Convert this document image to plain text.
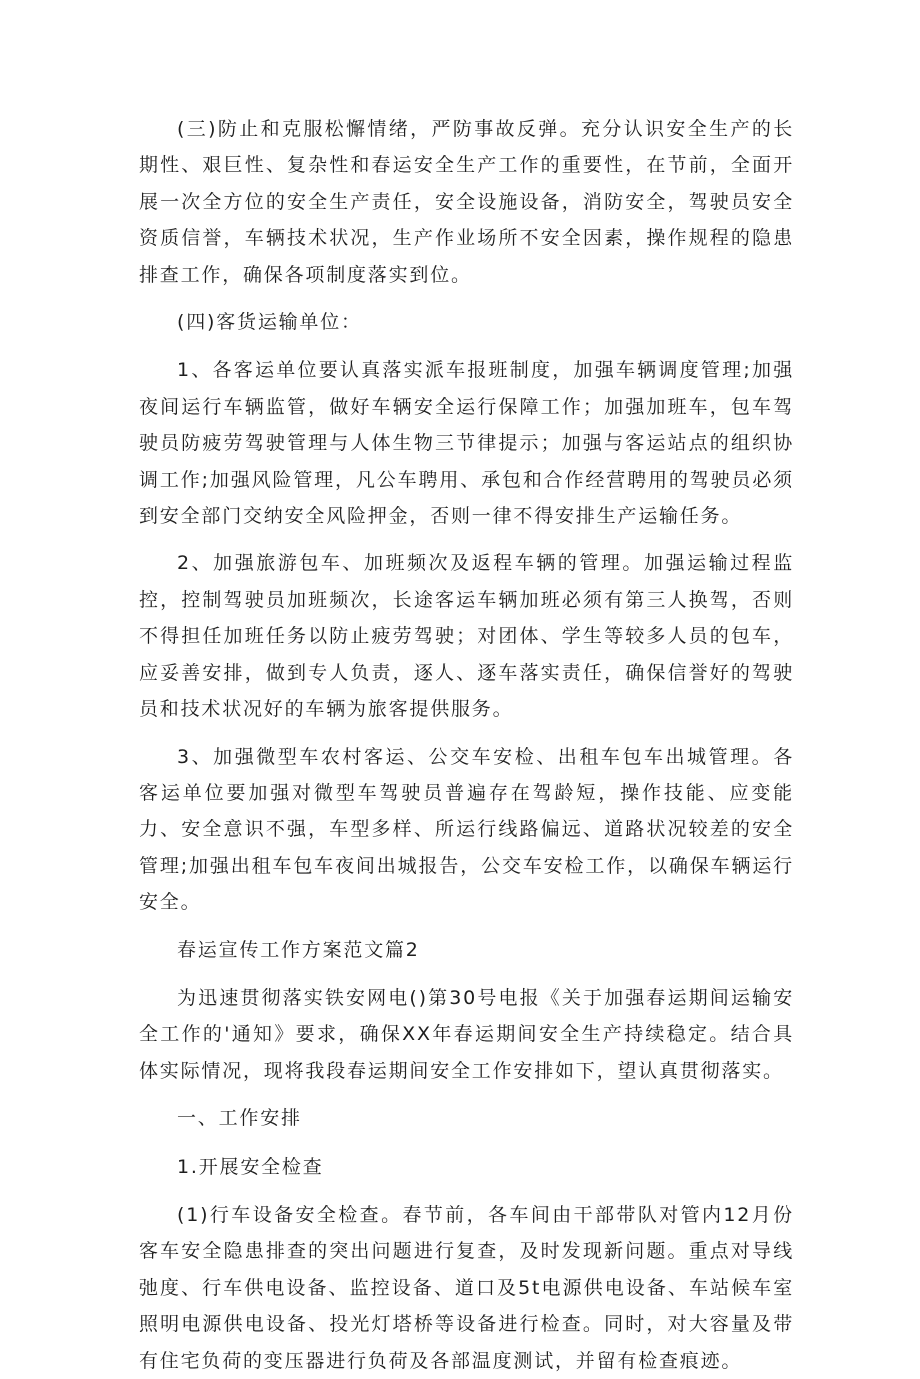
(三)防止和克服松懈情绪，严防事故反弹。充分认识安全生产的长期性、艰巨性、复杂性和春运安全生产工作的重要性，在节前，全面开展一次全方位的安全生产责任，安全设施设备，消防安全，驾驶员安全资质信誉，车辆技术状况，生产作业场所不安全因素，操作规程的隐患排查工作，确保各项制度落实到位。

(四)客货运输单位：

1、各客运单位要认真落实派车报班制度，加强车辆调度管理;加强夜间运行车辆监管，做好车辆安全运行保障工作；加强加班车，包车驾驶员防疲劳驾驶管理与人体生物三节律提示；加强与客运站点的组织协调工作;加强风险管理，凡公车聘用、承包和合作经营聘用的驾驶员必须到安全部门交纳安全风险押金，否则一律不得安排生产运输任务。

2、加强旅游包车、加班频次及返程车辆的管理。加强运输过程监控，控制驾驶员加班频次，长途客运车辆加班必须有第三人换驾，否则不得担任加班任务以防止疲劳驾驶；对团体、学生等较多人员的包车，应妥善安排，做到专人负责，逐人、逐车落实责任，确保信誉好的驾驶员和技术状况好的车辆为旅客提供服务。

3、加强微型车农村客运、公交车安检、出租车包车出城管理。各客运单位要加强对微型车驾驶员普遍存在驾龄短，操作技能、应变能力、安全意识不强，车型多样、所运行线路偏远、道路状况较差的安全管理;加强出租车包车夜间出城报告，公交车安检工作，以确保车辆运行安全。

春运宣传工作方案范文篇2

为迅速贯彻落实铁安网电()第30号电报《关于加强春运期间运输安全工作的'通知》要求，确保XX年春运期间安全生产持续稳定。结合具体实际情况，现将我段春运期间安全工作安排如下，望认真贯彻落实。

一、工作安排

1.开展安全检查

(1)行车设备安全检查。春节前，各车间由干部带队对管内12月份客车安全隐患排查的突出问题进行复查，及时发现新问题。重点对导线弛度、行车供电设备、监控设备、道口及5t电源供电设备、车站候车室照明电源供电设备、投光灯塔桥等设备进行检查。同时，对大容量及带有住宅负荷的变压器进行负荷及各部温度测试，并留有检查痕迹。
